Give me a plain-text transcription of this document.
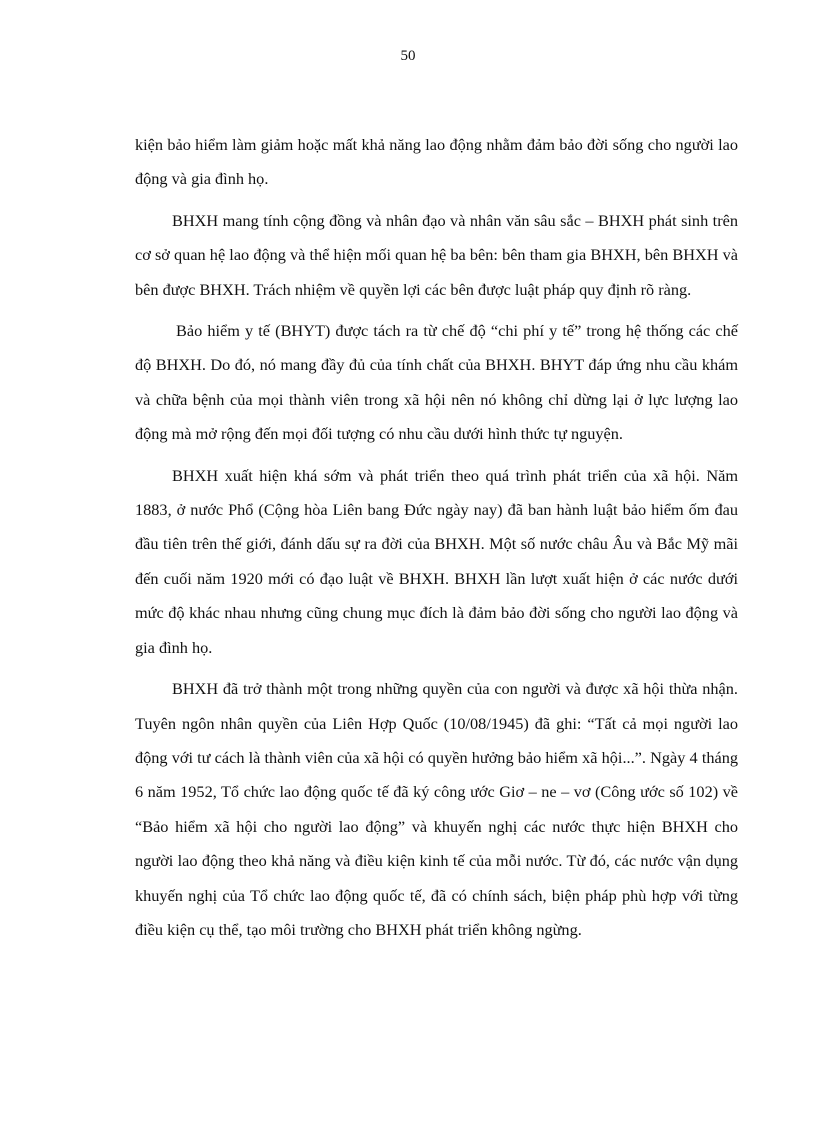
50

kiện bảo hiểm làm giảm hoặc mất khả năng lao động nhằm đảm bảo đời sống cho người lao động và gia đình họ.

BHXH mang tính cộng đồng và nhân đạo và nhân văn sâu sắc – BHXH phát sinh trên cơ sở quan hệ lao động và thể hiện mối quan hệ ba bên: bên tham gia BHXH, bên BHXH và bên được BHXH. Trách nhiệm về quyền lợi các bên được luật pháp quy định rõ ràng.

Bảo hiểm y tế (BHYT) được tách ra từ chế độ “chi phí y tế” trong hệ thống các chế độ BHXH. Do đó, nó mang đầy đủ của tính chất của BHXH. BHYT đáp ứng nhu cầu khám và chữa bệnh của mọi thành viên trong xã hội nên nó không chỉ dừng lại ở lực lượng lao động mà mở rộng đến mọi đối tượng có nhu cầu dưới hình thức tự nguyện.

BHXH xuất hiện khá sớm và phát triển theo quá trình phát triển của xã hội. Năm 1883, ở nước Phổ (Cộng hòa Liên bang Đức ngày nay) đã ban hành luật bảo hiểm ốm đau đầu tiên trên thế giới, đánh dấu sự ra đời của BHXH. Một số nước châu Âu và Bắc Mỹ mãi đến cuối năm 1920 mới có đạo luật về BHXH. BHXH lần lượt xuất hiện ở các nước dưới mức độ khác nhau nhưng cũng chung mục đích là đảm bảo đời sống cho người lao động và gia đình họ.

BHXH đã trở thành một trong những quyền của con người và được xã hội thừa nhận. Tuyên ngôn nhân quyền của Liên Hợp Quốc (10/08/1945) đã ghi: “Tất cả mọi người lao động với tư cách là thành viên của xã hội có quyền hưởng bảo hiểm xã hội...”. Ngày 4 tháng 6 năm 1952, Tổ chức lao động quốc tế đã ký công ước Giơ – ne – vơ (Công ước số 102) về “Bảo hiểm xã hội cho người lao động” và khuyến nghị các nước thực hiện BHXH cho người lao động theo khả năng và điều kiện kinh tế của mỗi nước. Từ đó, các nước vận dụng khuyến nghị của Tổ chức lao động quốc tế, đã có chính sách, biện pháp phù hợp với từng điều kiện cụ thể, tạo môi trường cho BHXH phát triển không ngừng.
